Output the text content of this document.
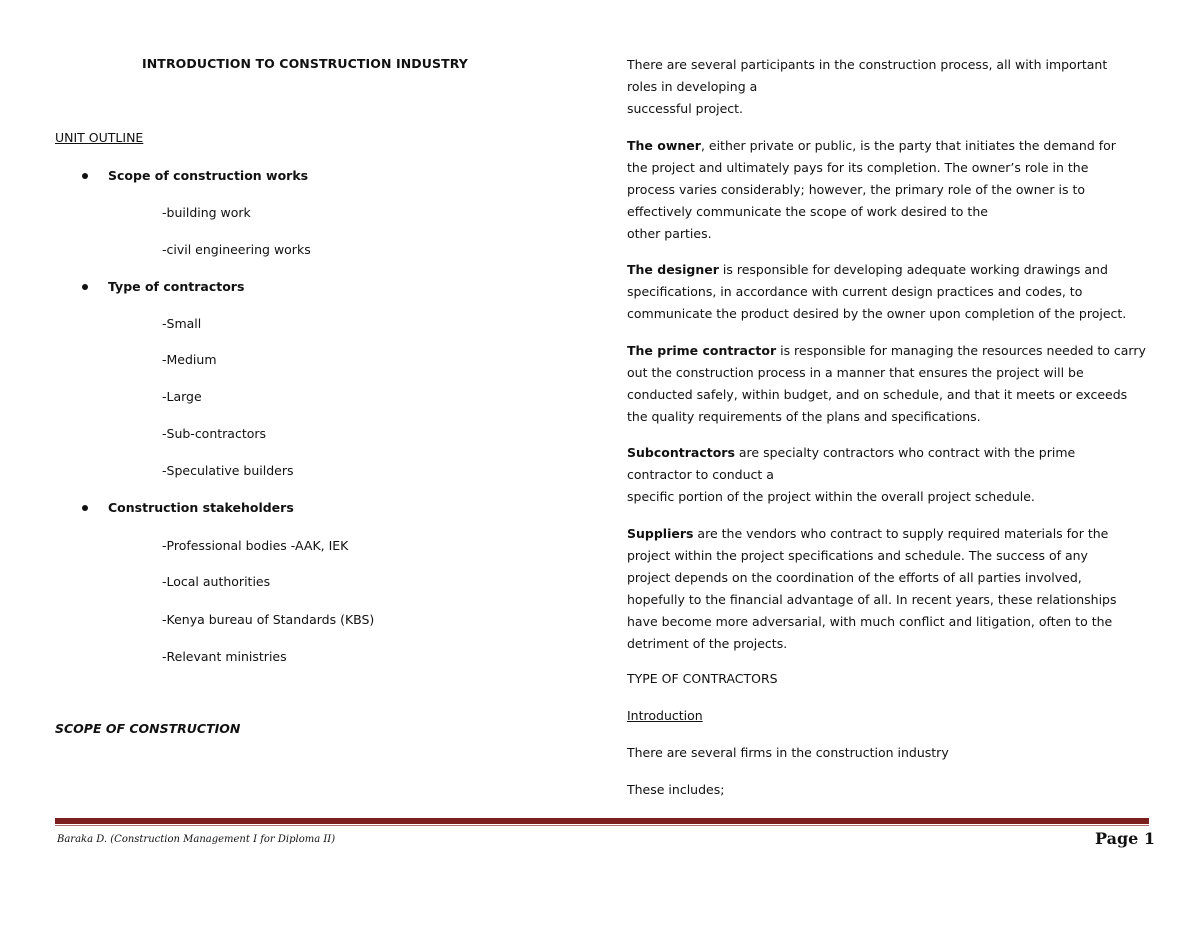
INTRODUCTION TO CONSTRUCTION INDUSTRY
UNIT OUTLINE
Scope of construction works
-building work
-civil engineering works
Type of contractors
-Small
-Medium
-Large
-Sub-contractors
-Speculative builders
Construction stakeholders
-Professional bodies -AAK, IEK
-Local authorities
-Kenya bureau of Standards (KBS)
-Relevant ministries
SCOPE OF CONSTRUCTION
There are several participants in the construction process, all with important
roles in developing a
successful project.
The owner, either private or public, is the party that initiates the demand for
the project and ultimately pays for its completion. The owner’s role in the
process varies considerably; however, the primary role of the owner is to
effectively communicate the scope of work desired to the
other parties.
The designer is responsible for developing adequate working drawings and
specifications, in accordance with current design practices and codes, to
communicate the product desired by the owner upon completion of the project.
The prime contractor is responsible for managing the resources needed to carry
out the construction process in a manner that ensures the project will be
conducted safely, within budget, and on schedule, and that it meets or exceeds
the quality requirements of the plans and specifications.
Subcontractors are specialty contractors who contract with the prime
contractor to conduct a
specific portion of the project within the overall project schedule.
Suppliers are the vendors who contract to supply required materials for the
project within the project specifications and schedule. The success of any
project depends on the coordination of the efforts of all parties involved,
hopefully to the financial advantage of all. In recent years, these relationships
have become more adversarial, with much conflict and litigation, often to the
detriment of the projects.
TYPE OF CONTRACTORS
Introduction
There are several firms in the construction industry
These includes;
Baraka D. (Construction Management I for Diploma II)	Page 1
